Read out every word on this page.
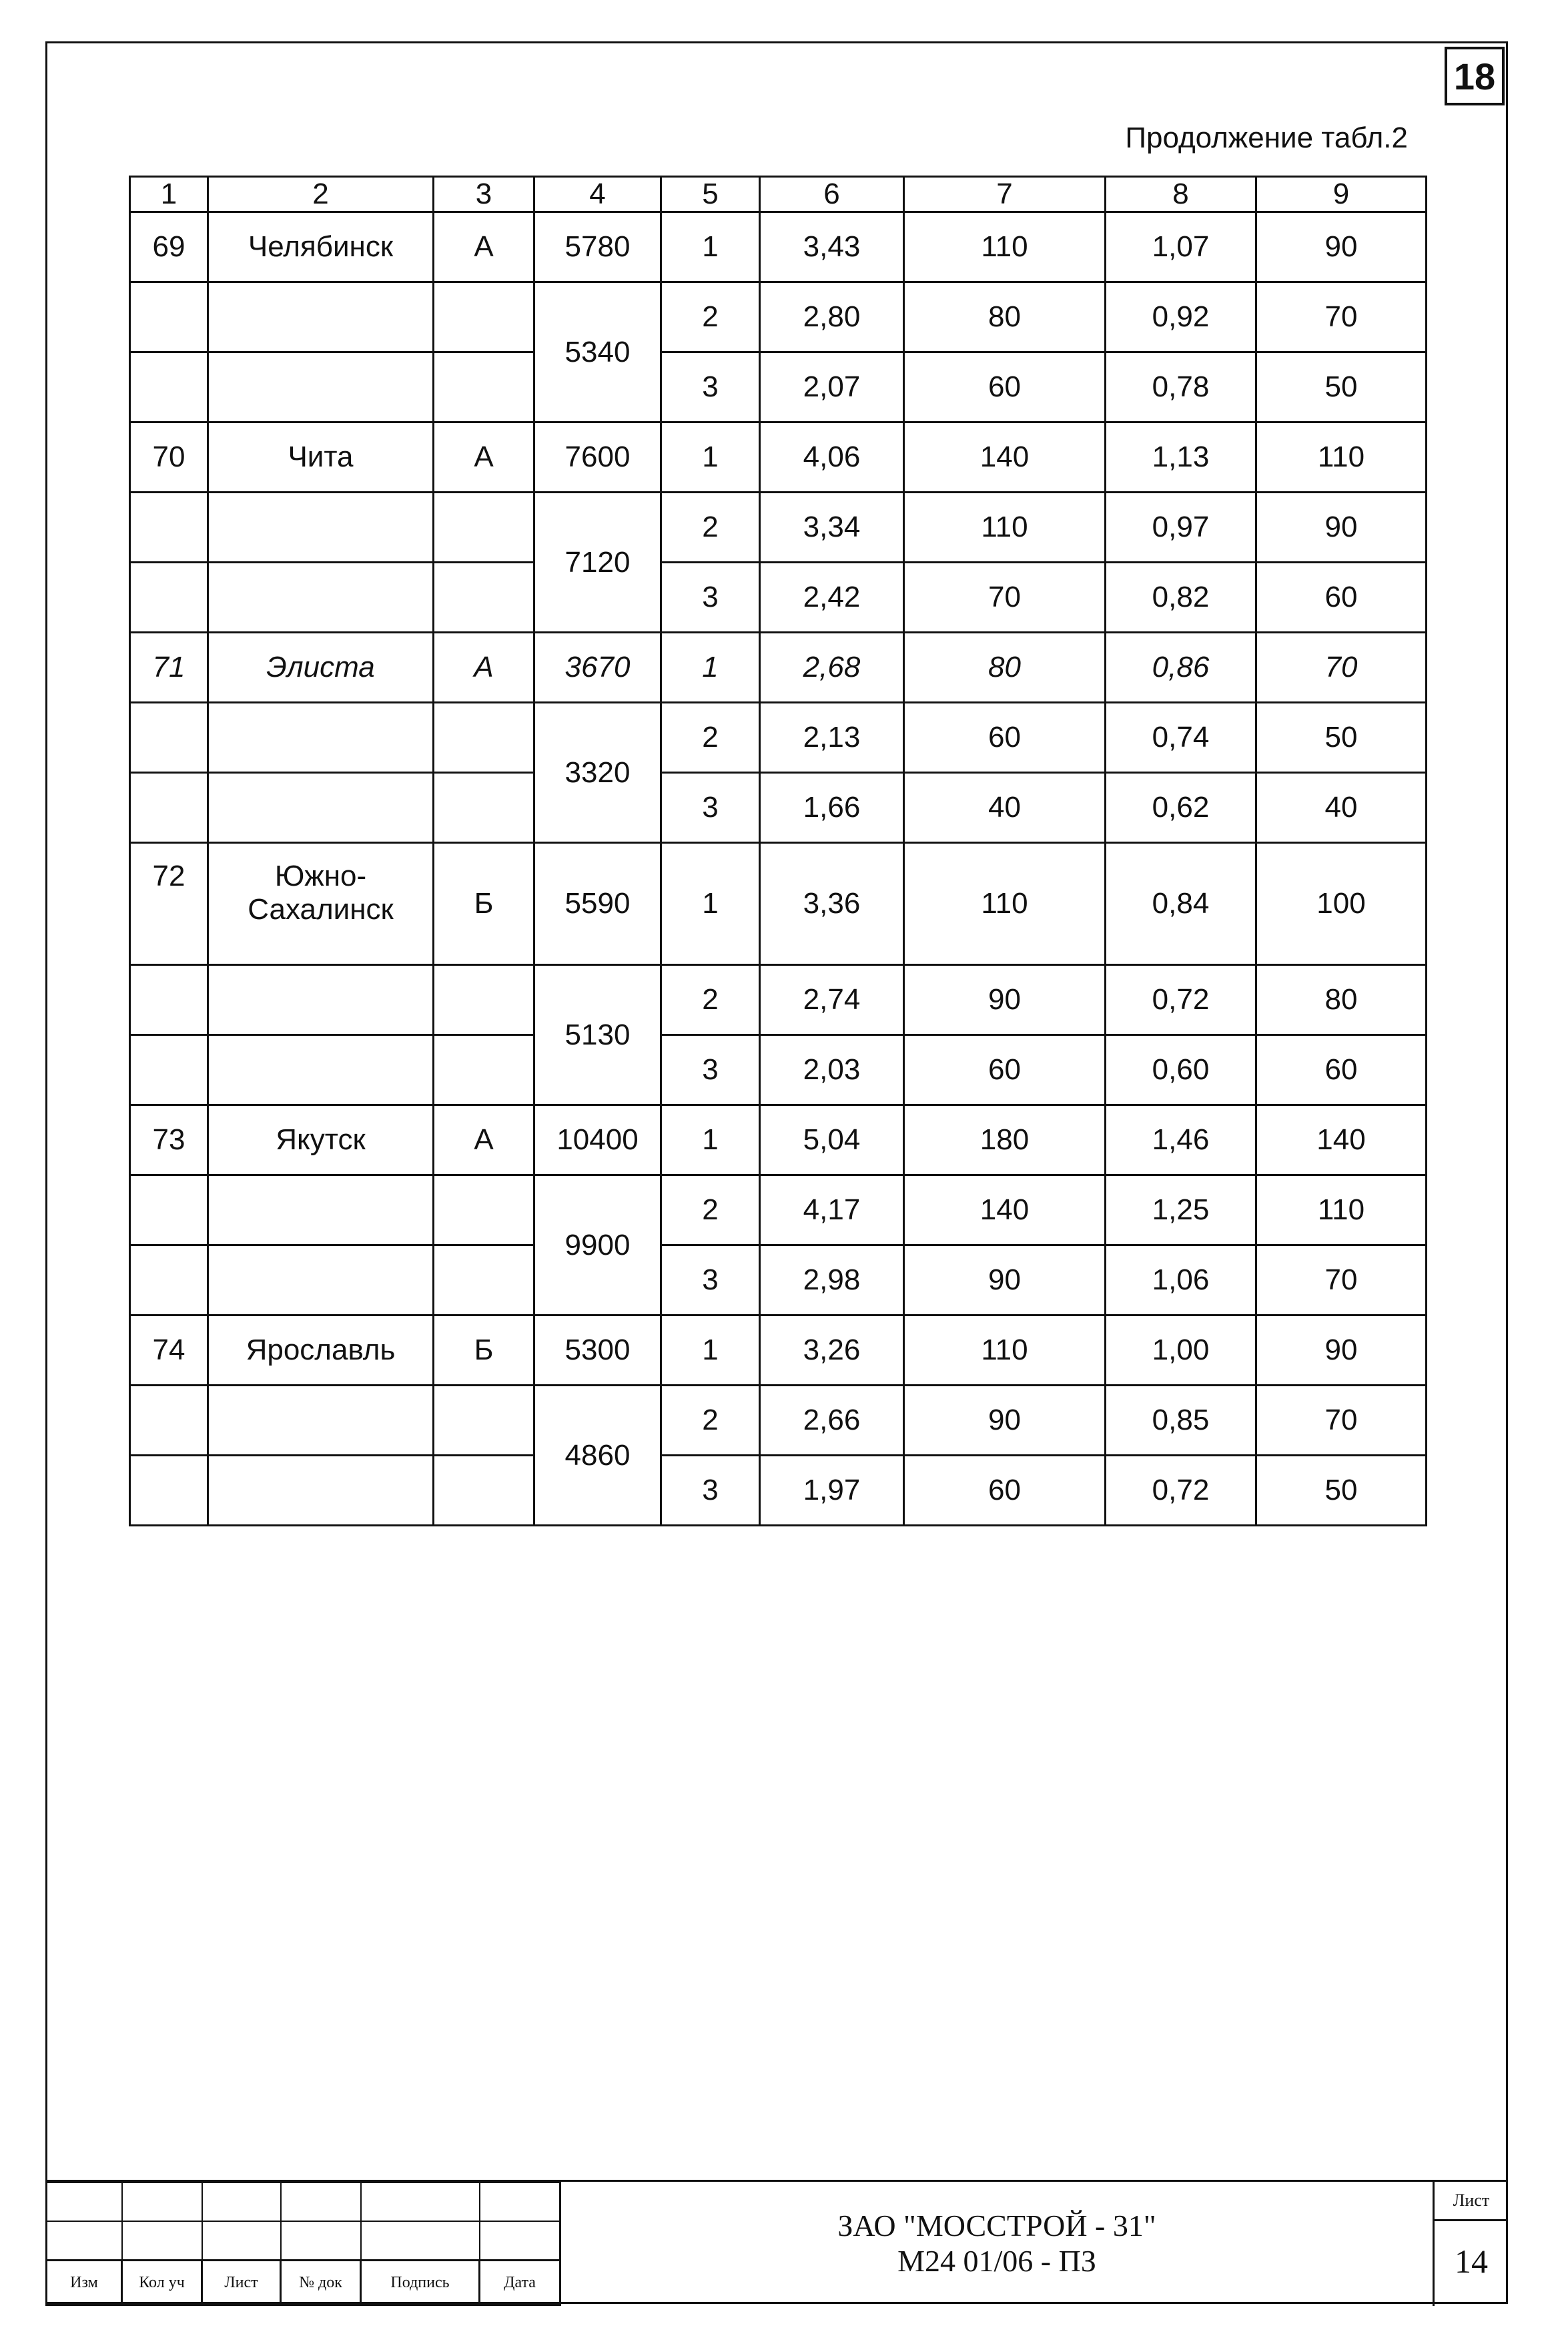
18
Продолжение табл.2
1	2	3	4	5	6	7	8	9
69	Челябинск	А	5780	1	3,43	110	1,07	90
			5340	2	2,80	80	0,92	70
				3	2,07	60	0,78	50
70	Чита	А	7600	1	4,06	140	1,13	110
			7120	2	3,34	110	0,97	90
				3	2,42	70	0,82	60
71	Элиста	А	3670	1	2,68	80	0,86	70
			3320	2	2,13	60	0,74	50
				3	1,66	40	0,62	40
72	Южно-Сахалинск	Б	5590	1	3,36	110	0,84	100
			5130	2	2,74	90	0,72	80
				3	2,03	60	0,60	60
73	Якутск	А	10400	1	5,04	180	1,46	140
			9900	2	4,17	140	1,25	110
				3	2,98	90	1,06	70
74	Ярославль	Б	5300	1	3,26	110	1,00	90
			4860	2	2,66	90	0,85	70
				3	1,97	60	0,72	50

Изм	Кол уч	Лист	№ док	Подпись	Дата
ЗАО "МОССТРОЙ - 31"
М24 01/06 - ПЗ
Лист
14
